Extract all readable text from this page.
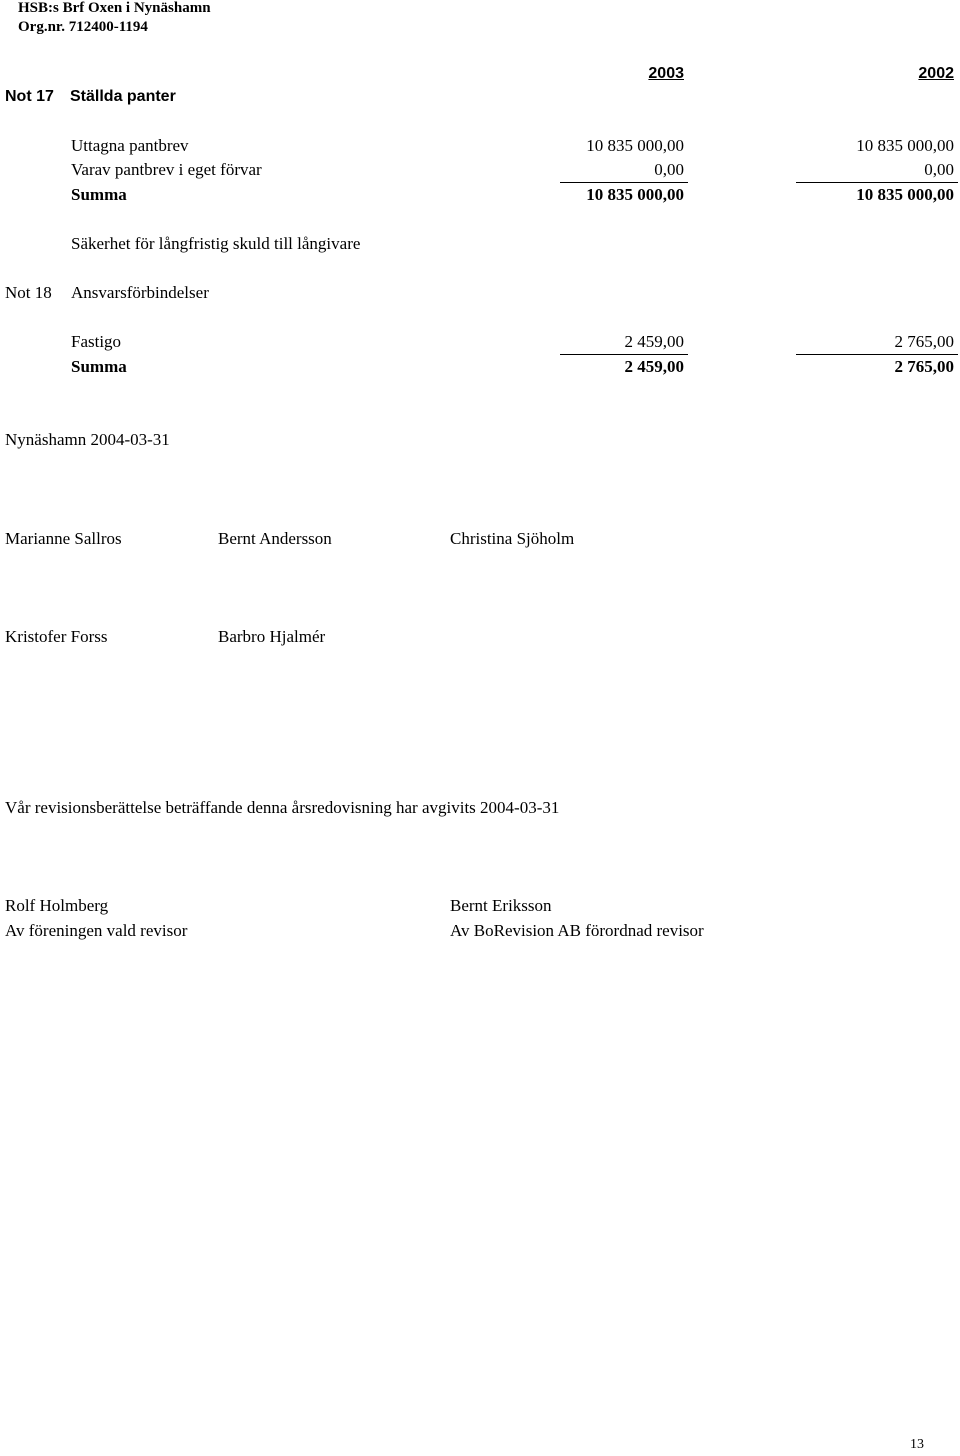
HSB:s Brf Oxen i Nynäshamn
Org.nr. 712400-1194
2003	2002
Not 17 Ställda panter
Uttagna pantbrev	10 835 000,00	10 835 000,00
Varav pantbrev i eget förvar	0,00	0,00
Summa	10 835 000,00	10 835 000,00
Säkerhet för långfristig skuld till långivare
Not 18 Ansvarsförbindelser
Fastigo	2 459,00	2 765,00
Summa	2 459,00	2 765,00
Nynäshamn 2004-03-31
Marianne Sallros	Bernt Andersson	Christina Sjöholm
Kristofer Forss	Barbro Hjalmér
Vår revisionsberättelse beträffande denna årsredovisning har avgivits 2004-03-31
Rolf Holmberg
Av föreningen vald revisor
Bernt Eriksson
Av BoRevision AB förordnad revisor
13
